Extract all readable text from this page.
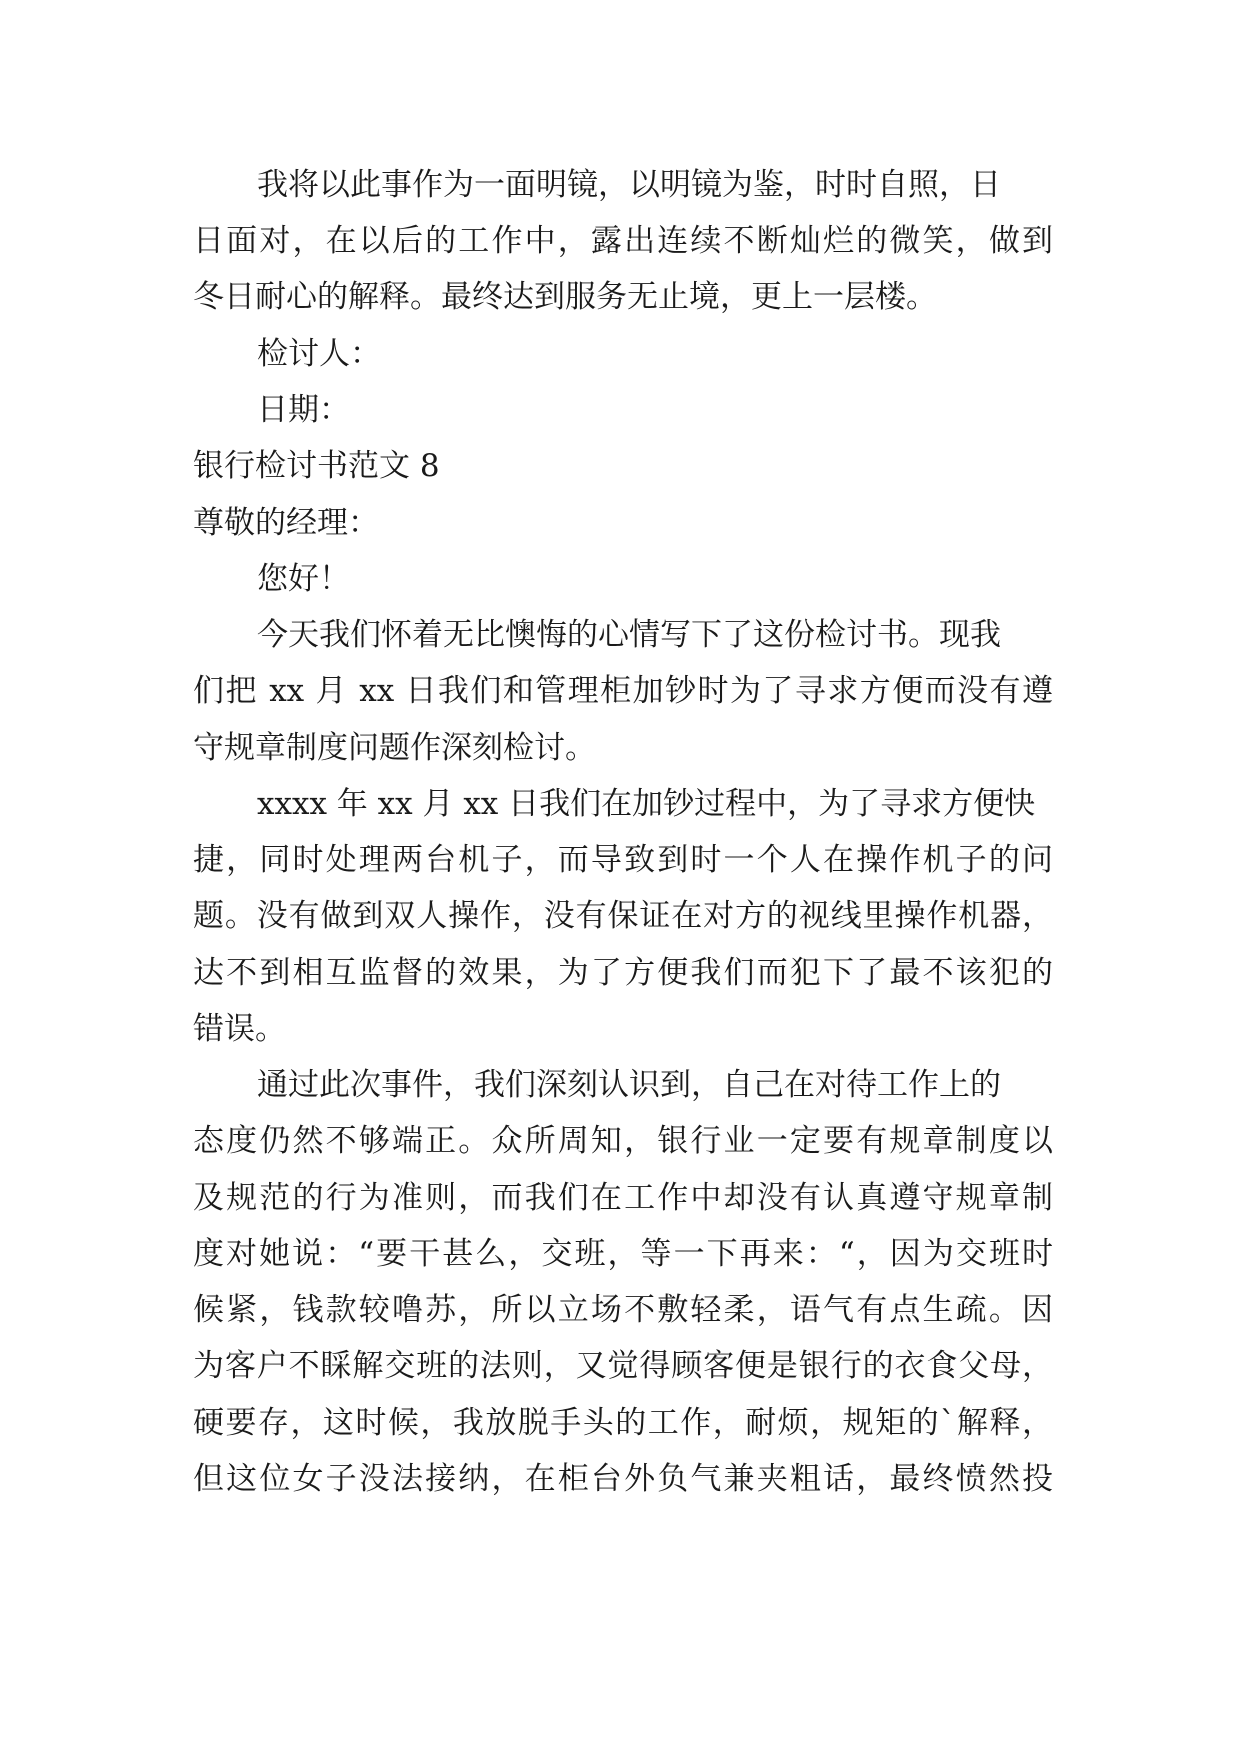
我将以此事作为一面明镜，以明镜为鉴，时时自照，日
日面对，在以后的工作中，露出连续不断灿烂的微笑，做到
冬日耐心的解释。最终达到服务无止境，更上一层楼。
检讨人：
日期：
银行检讨书范文 8
尊敬的经理：
您好！
今天我们怀着无比懊悔的心情写下了这份检讨书。现我
们把 xx 月 xx 日我们和管理柜加钞时为了寻求方便而没有遵
守规章制度问题作深刻检讨。
xxxx 年 xx 月 xx 日我们在加钞过程中，为了寻求方便快
捷，同时处理两台机子，而导致到时一个人在操作机子的问
题。没有做到双人操作，没有保证在对方的视线里操作机器，
达不到相互监督的效果，为了方便我们而犯下了最不该犯的
错误。
通过此次事件，我们深刻认识到，自己在对待工作上的
态度仍然不够端正。众所周知，银行业一定要有规章制度以
及规范的行为准则，而我们在工作中却没有认真遵守规章制
度对她说：“要干甚么，交班，等一下再来：“，因为交班时
候紧，钱款较噜苏，所以立场不敷轻柔，语气有点生疏。因
为客户不睬解交班的法则，又觉得顾客便是银行的衣食父母，
硬要存，这时候，我放脱手头的工作，耐烦，规矩的`解释，
但这位女子没法接纳，在柜台外负气兼夹粗话，最终愤然投
